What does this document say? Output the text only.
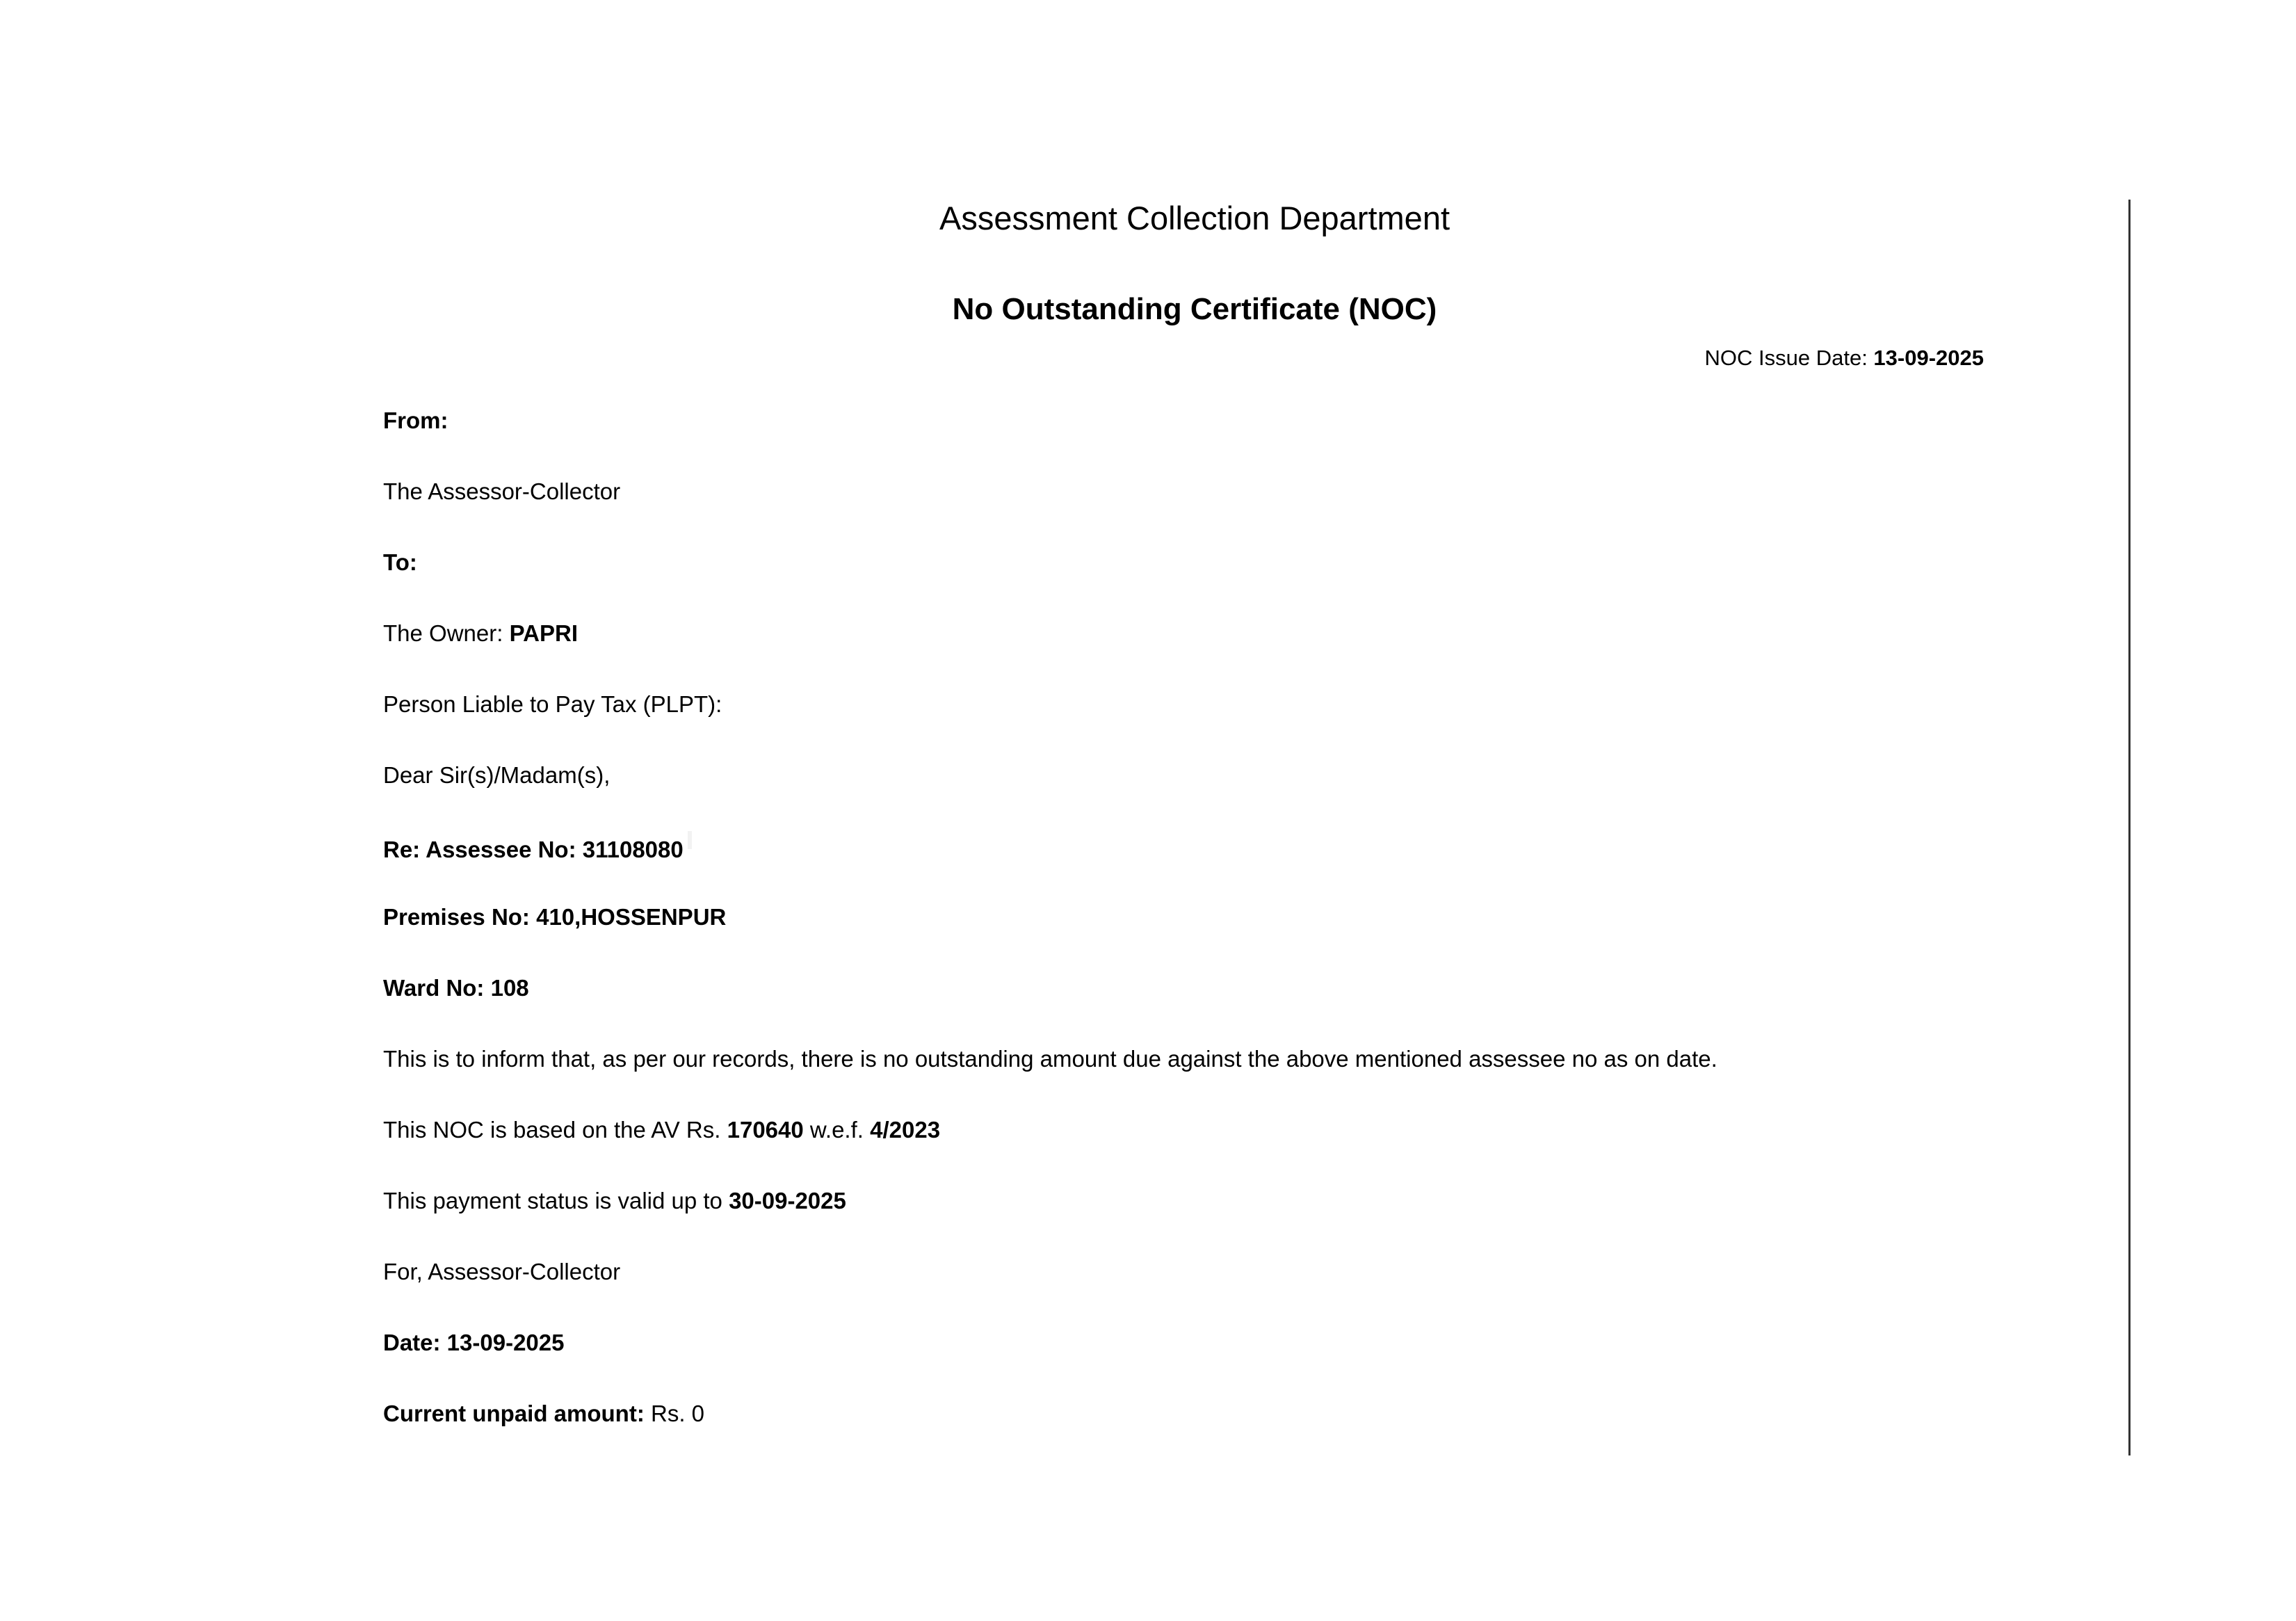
Assessment Collection Department
No Outstanding Certificate (NOC)
NOC Issue Date: 13-09-2025
From:
The Assessor-Collector
To:
The Owner: PAPRI
Person Liable to Pay Tax (PLPT):
Dear Sir(s)/Madam(s),
Re: Assessee No: 31108080
Premises No: 410,HOSSENPUR
Ward No: 108
This is to inform that, as per our records, there is no outstanding amount due against the above mentioned assessee no as on date.
This NOC is based on the AV Rs. 170640 w.e.f. 4/2023
This payment status is valid up to 30-09-2025
For, Assessor-Collector
Date: 13-09-2025
Current unpaid amount: Rs. 0
